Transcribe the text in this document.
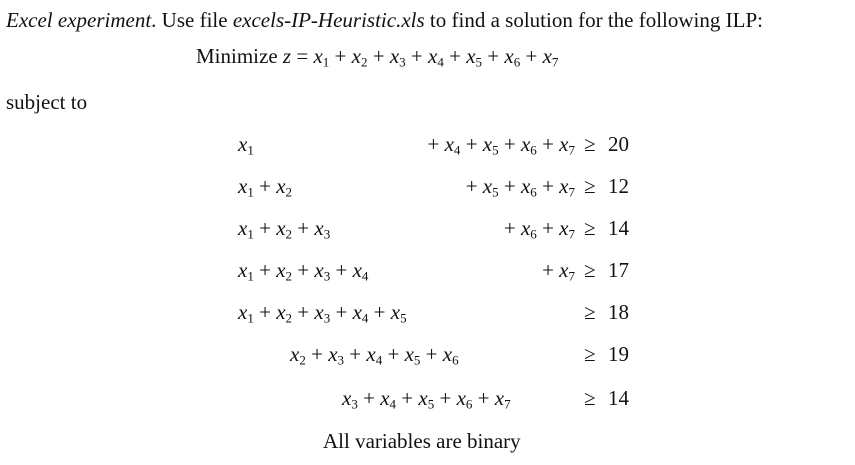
Excel experiment. Use file excels-IP-Heuristic.xls to find a solution for the following ILP:
Minimize $z = x_1 + x_2 + x_3 + x_4 + x_5 + x_6 + x_7$
subject to
$x_1$	+ $x_4 + x_5 + x_6 + x_7 \ge 20$
$x_1 + x_2$	+ $x_5 + x_6 + x_7 \ge 12$
$x_1 + x_2 + x_3$	+ $x_6 + x_7 \ge 14$
$x_1 + x_2 + x_3 + x_4$	+ $x_7 \ge 17$
$x_1 + x_2 + x_3 + x_4 + x_5$	≥ 18
$x_2 + x_3 + x_4 + x_5 + x_6$	≥ 19
$x_3 + x_4 + x_5 + x_6 + x_7$	≥ 14
All variables are binary
